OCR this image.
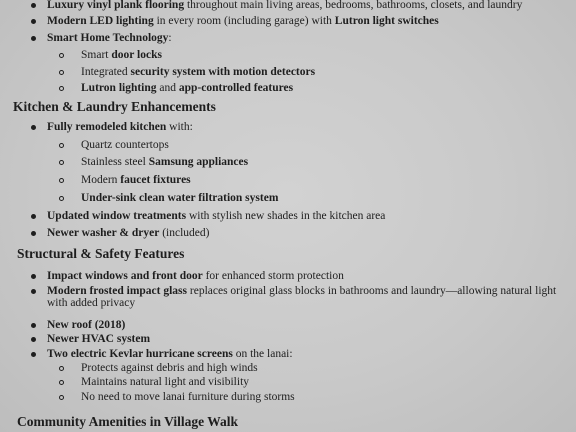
Luxury vinyl plank flooring throughout main living areas, bedrooms, bathrooms, closets, and laundry
Modern LED lighting in every room (including garage) with Lutron light switches
Smart Home Technology:
Smart door locks
Integrated security system with motion detectors
Lutron lighting and app-controlled features
Kitchen & Laundry Enhancements
Fully remodeled kitchen with:
Quartz countertops
Stainless steel Samsung appliances
Modern faucet fixtures
Under-sink clean water filtration system
Updated window treatments with stylish new shades in the kitchen area
Newer washer & dryer (included)
Structural & Safety Features
Impact windows and front door for enhanced storm protection
Modern frosted impact glass replaces original glass blocks in bathrooms and laundry—allowing natural light
with added privacy
New roof (2018)
Newer HVAC system
Two electric Kevlar hurricane screens on the lanai:
Protects against debris and high winds
Maintains natural light and visibility
No need to move lanai furniture during storms
Community Amenities in Village Walk
